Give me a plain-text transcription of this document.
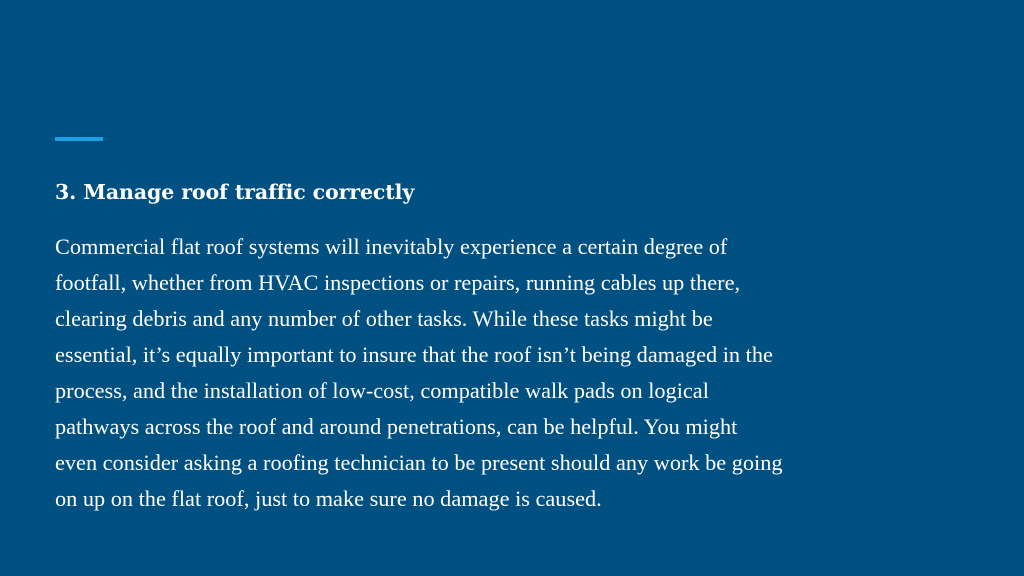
3. Manage roof traffic correctly

Commercial flat roof systems will inevitably experience a certain degree of
footfall, whether from HVAC inspections or repairs, running cables up there,
clearing debris and any number of other tasks. While these tasks might be
essential, it’s equally important to insure that the roof isn’t being damaged in the
process, and the installation of low-cost, compatible walk pads on logical
pathways across the roof and around penetrations, can be helpful. You might
even consider asking a roofing technician to be present should any work be going
on up on the flat roof, just to make sure no damage is caused.
